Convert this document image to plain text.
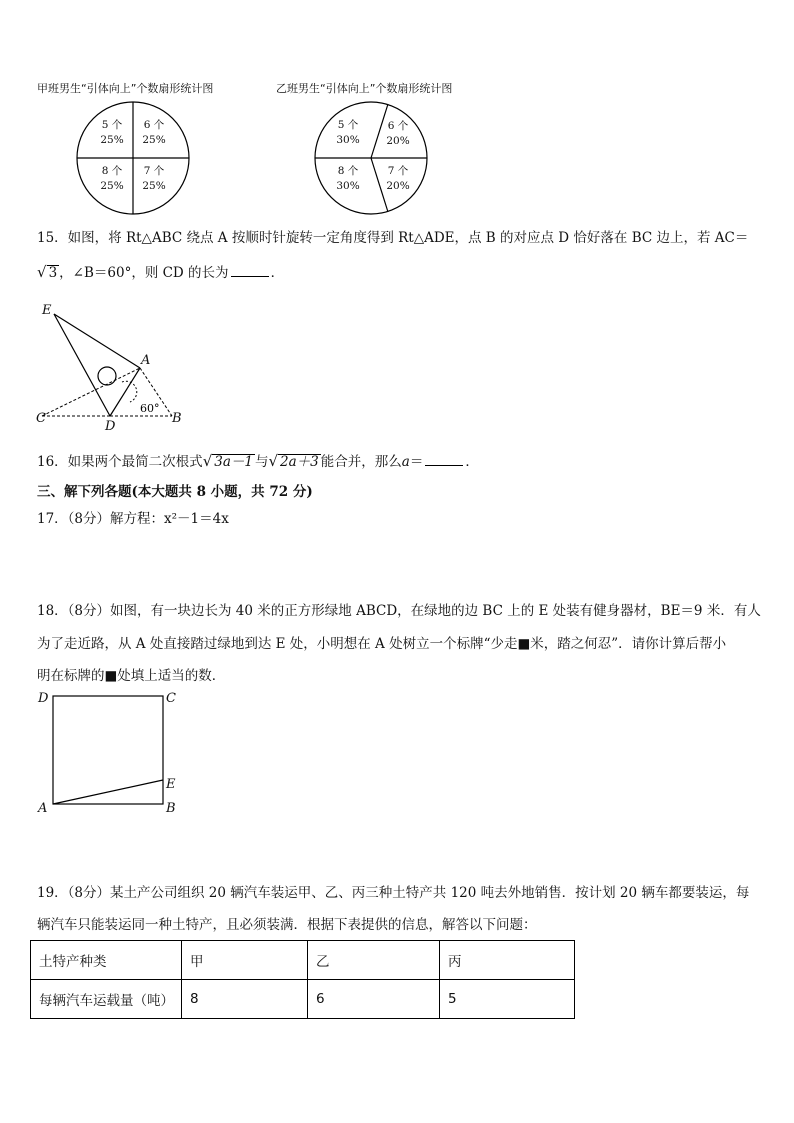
甲班男生“引体向上”个数扇形统计图	乙班男生“引体向上”个数扇形统计图
5 个
25%
6 个
25%
8 个
25%
7 个
25%
5 个
30%
6 个
20%
8 个
30%
7 个
20%
15．如图，将 Rt△ABC 绕点 A 按顺时针旋转一定角度得到 Rt△ADE，点 B 的对应点 D 恰好落在 BC 边上，若 AC＝
√ 3 ，∠B＝60°，则 CD 的长为	．
E
A
C
D
B
60°
16．如果两个最简二次根式√ 3a－1 与√ 2a＋3 能合并，那么a＝	．
三、解下列各题(本大题共 8 小题，共 72 分)
17．（8分）解方程：x²－1＝4x
18．（8分）如图，有一块边长为 40 米的正方形绿地 ABCD，在绿地的边 BC 上的 E 处装有健身器材，BE＝9 米．有人
为了走近路，从 A 处直接踏过绿地到达 E 处，小明想在 A 处树立一个标牌“少走■米，踏之何忍”．请你计算后帮小
明在标牌的■处填上适当的数．
D	C
E
A	B
19．（8分）某土产公司组织 20 辆汽车装运甲、乙、丙三种土特产共 120 吨去外地销售．按计划 20 辆车都要装运，每
辆汽车只能装运同一种土特产，且必须装满．根据下表提供的信息，解答以下问题：
土特产种类	甲	乙	丙
每辆汽车运载量（吨）	8	6	5
